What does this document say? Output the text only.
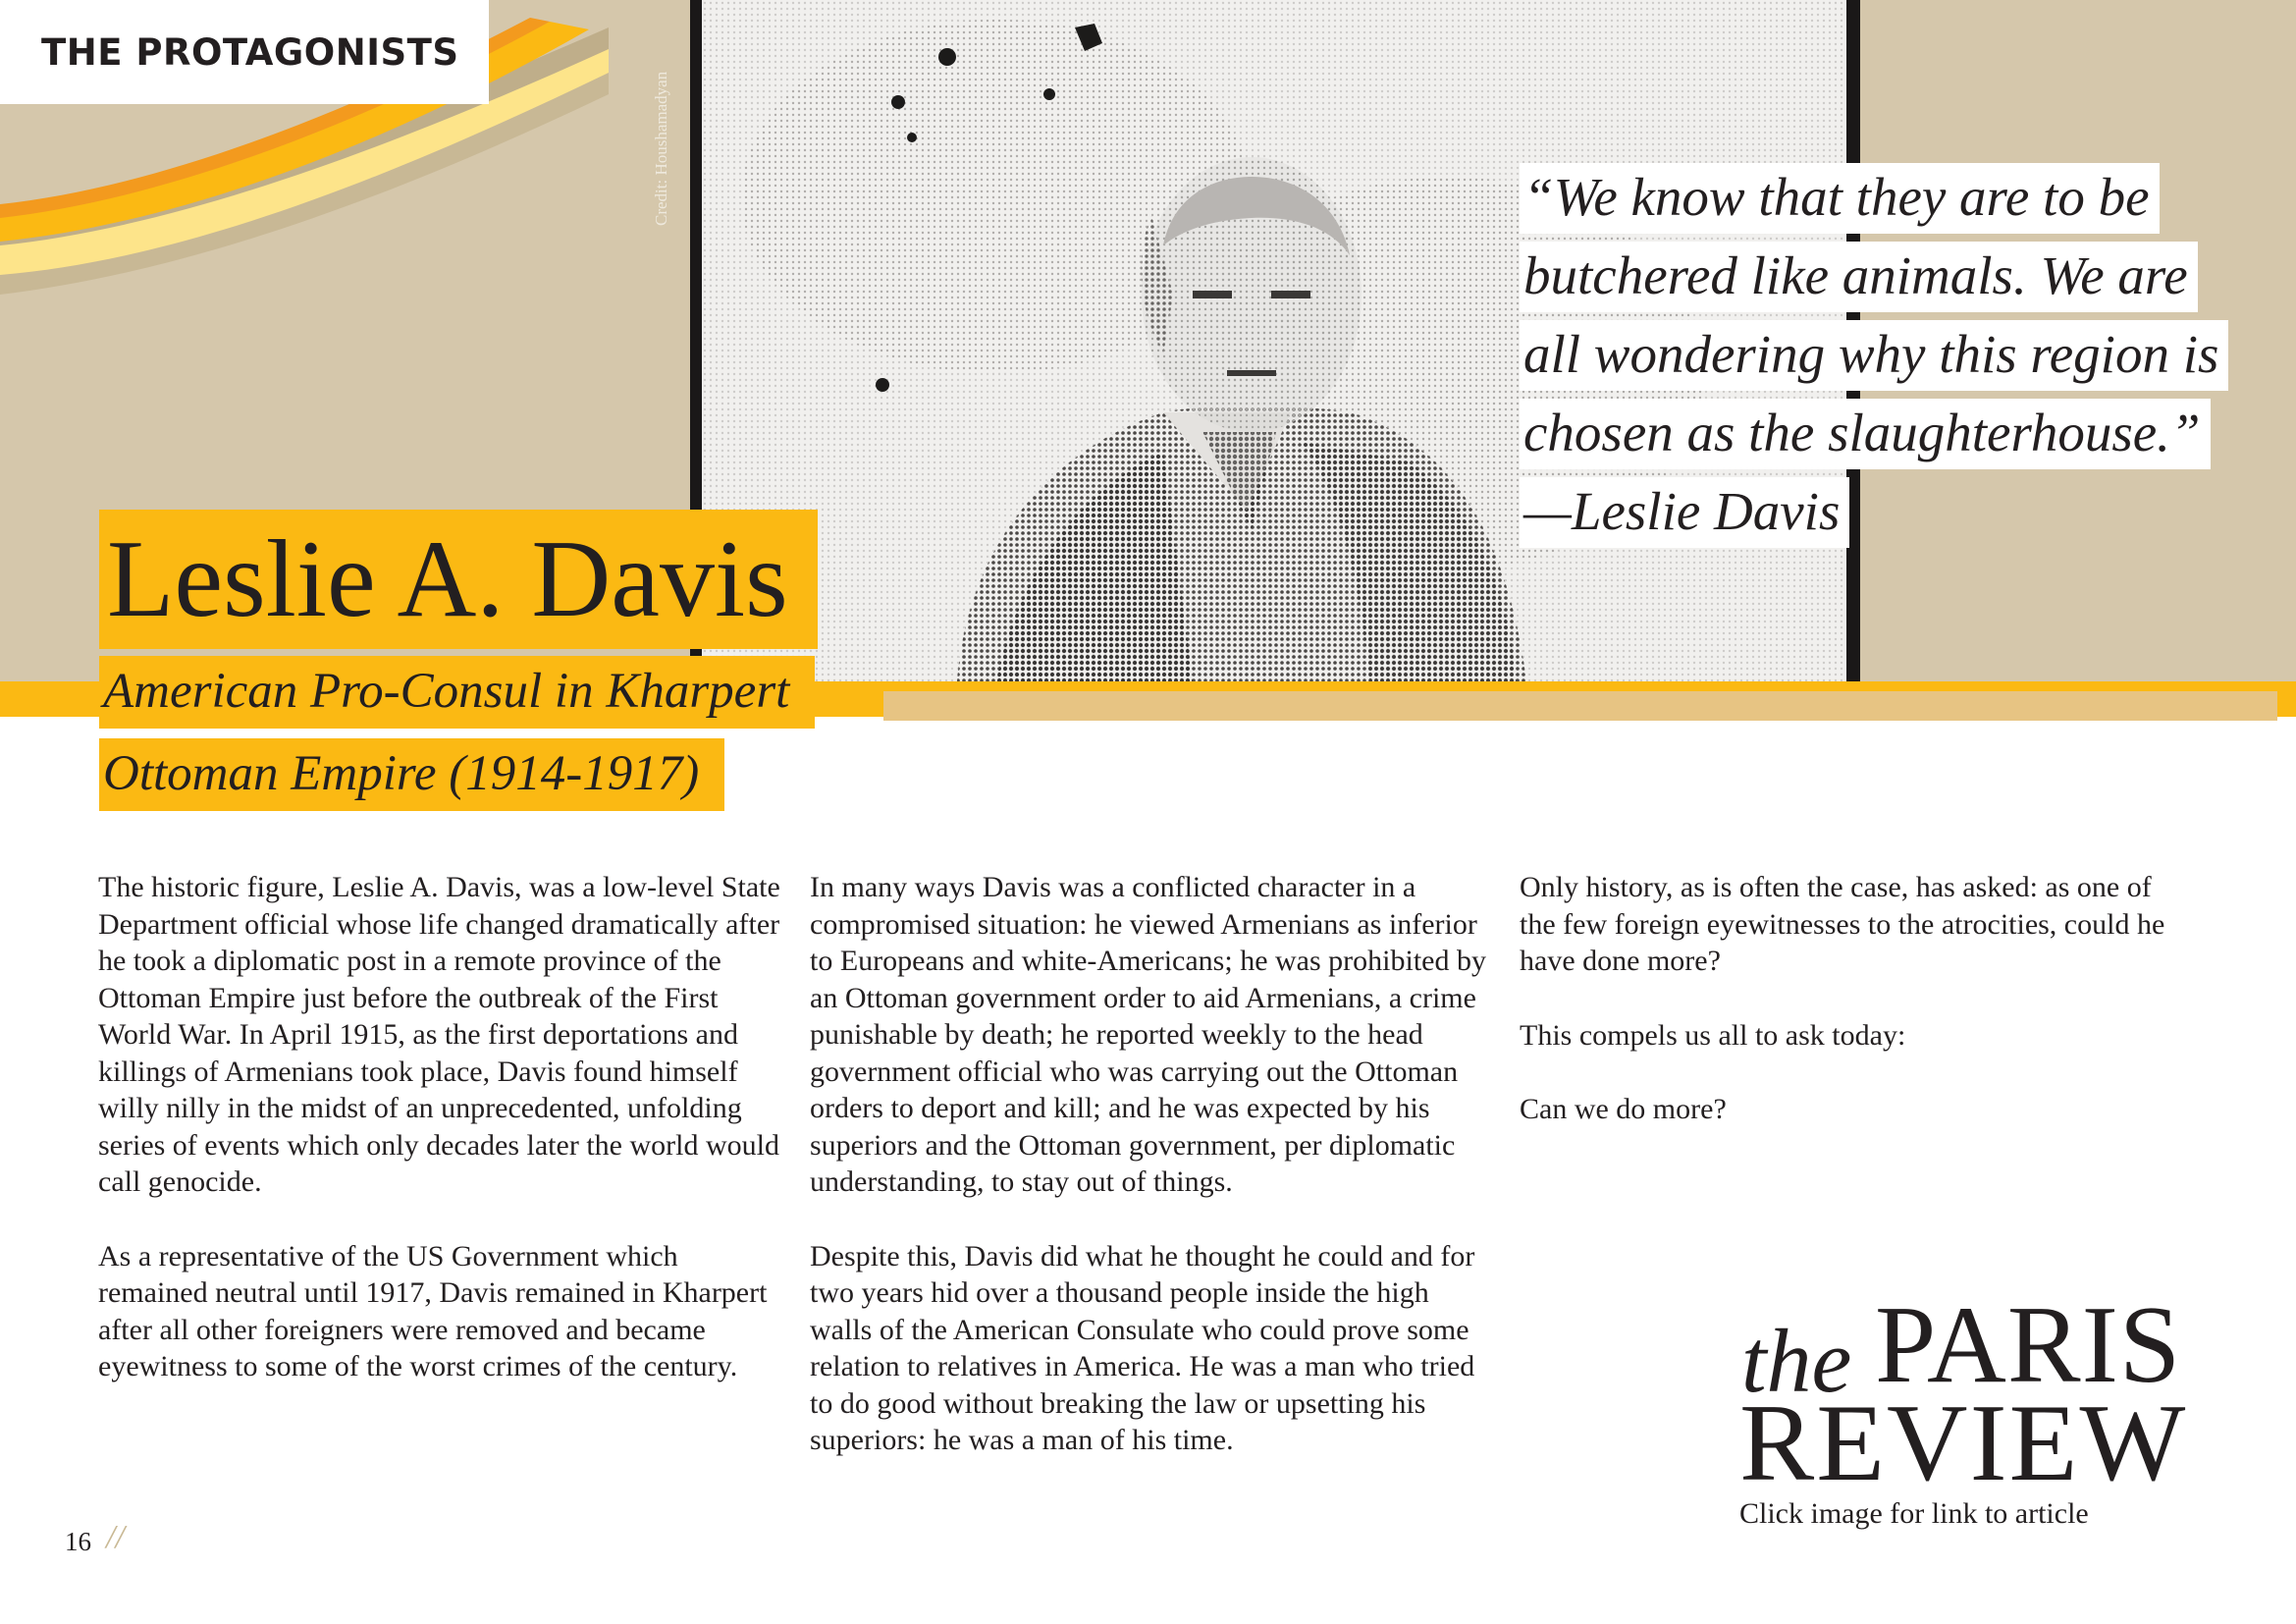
Credit: Houshamadyan
THE PROTAGONISTS
“We know that they are to be
butchered like animals. We are
all wondering why this region is
chosen as the slaughterhouse.”
—Leslie Davis
Leslie A. Davis
American Pro-Consul in Kharpert
Ottoman Empire (1914-1917)

The historic figure, Leslie A. Davis, was a low-level State Department official whose life changed dramatically after he took a diplomatic post in a remote province of the Ottoman Empire just before the outbreak of the First World War. In April 1915, as the first deportations and killings of Armenians took place, Davis found himself willy nilly in the midst of an unprecedented, unfolding series of events which only decades later the world would call genocide.

As a representative of the US Government which remained neutral until 1917, Davis remained in Kharpert after all other foreigners were removed and became eyewitness to some of the worst crimes of the century.

In many ways Davis was a conflicted character in a compromised situation: he viewed Armenians as inferior to Europeans and white-Americans; he was prohibited by an Ottoman government order to aid Armenians, a crime punishable by death; he reported weekly to the head government official who was carrying out the Ottoman orders to deport and kill; and he was expected by his superiors and the Ottoman government, per diplomatic understanding, to stay out of things.

Despite this, Davis did what he thought he could and for two years hid over a thousand people inside the high walls of the American Consulate who could prove some relation to relatives in America. He was a man who tried to do good without breaking the law or upsetting his superiors: he was a man of his time.

Only history, as is often the case, has asked: as one of the few foreign eyewitnesses to the atrocities, could he have done more?

This compels us all to ask today:

Can we do more?

the PARIS
REVIEW
Click image for link to article
16 //
